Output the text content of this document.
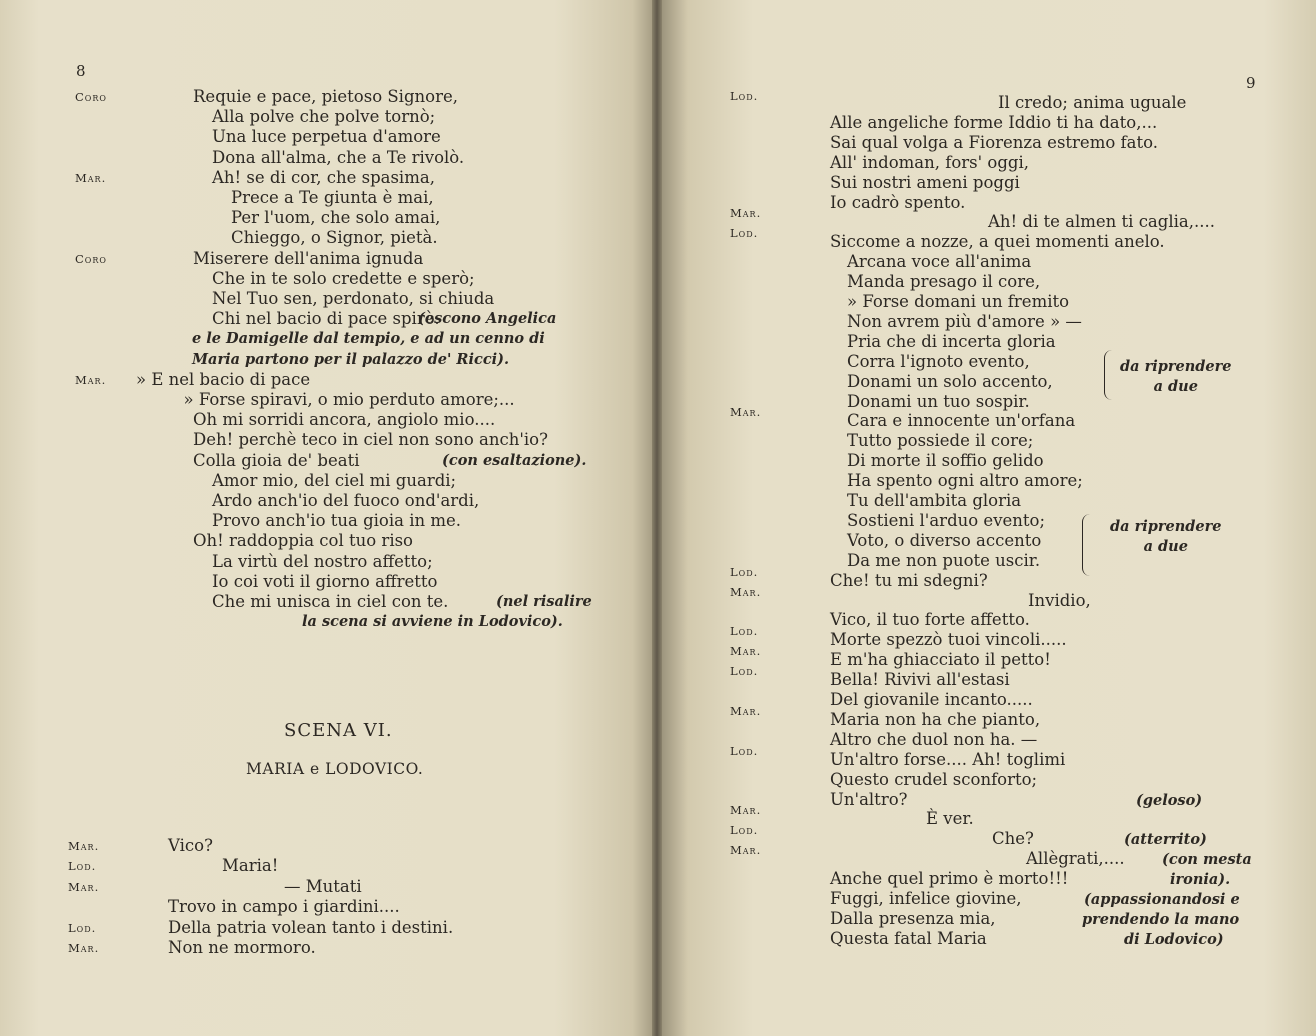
8
Coro	Requie e pace, pietoso Signore,
Alla polve che polve tornò;
Una luce perpetua d'amore
Dona all'alma, che a Te rivolò.
Mar.	Ah! se di cor, che spasima,
Prece a Te giunta è mai,
Per l'uom, che solo amai,
Chieggo, o Signor, pietà.
Coro	Miserere dell'anima ignuda
Che in te solo credette e sperò;
Nel Tuo sen, perdonato, si chiuda
Chi nel bacio di pace spirò.
(escono Angelica
e le Damigelle dal tempio, e ad un cenno di
Maria partono per il palazzo de' Ricci).
Mar. » E nel bacio di pace
» Forse spiravi, o mio perduto amore;...
Oh mi sorridi ancora, angiolo mio....
Deh! perchè teco in ciel non sono anch'io?
Colla gioia de' beati	(con esaltazione).
Amor mio, del ciel mi guardi;
Ardo anch'io del fuoco ond'ardi,
Provo anch'io tua gioia in me.
Oh! raddoppia col tuo riso
La virtù del nostro affetto;
Io coi voti il giorno affretto
Che mi unisca in ciel con te.	(nel risalire
la scena si avviene in Lodovico).
SCENA VI.
MARIA e LODOVICO.
Mar.	Vico?
Lod.	Maria!
Mar.	— Mutati
Trovo in campo i giardini....
Lod.	Della patria volean tanto i destini.
Mar.	Non ne mormoro.
9
Lod.	Il credo; anima uguale
Alle angeliche forme Iddio ti ha dato,...
Sai qual volga a Fiorenza estremo fato.
All' indoman, fors' oggi,
Sui nostri ameni poggi
Io cadrò spento.
Mar.	Ah! di te almen ti caglia,....
Lod.	Siccome a nozze, a quei momenti anelo.
Arcana voce all'anima
Manda presago il core,
» Forse domani un fremito
Non avrem più d'amore » —
Pria che di incerta gloria
Corra l'ignoto evento,
Donami un solo accento,
Donami un tuo sospir.
Mar.	Cara e innocente un'orfana
Tutto possiede il core;
Di morte il soffio gelido
Ha spento ogni altro amore;
Tu dell'ambita gloria
Sostieni l'arduo evento;
Voto, o diverso accento
Da me non puote uscir.
Lod.	Che! tu mi sdegni?
Mar.	Invidio,
Vico, il tuo forte affetto.
Lod.	Morte spezzò tuoi vincoli.....
Mar.	E m'ha ghiacciato il petto!
Lod.	Bella! Rivivi all'estasi
Del giovanile incanto.....
Mar.	Maria non ha che pianto,
Altro che duol non ha. —
Lod.	Un'altro forse.... Ah! toglimi
Questo crudel sconforto;
Un'altro?	(geloso)
Mar.	È ver.
Lod.	Che?	(atterrito)
Mar.	Allègrati,....	(con mesta
Anche quel primo è morto!!!	ironia).
Fuggi, infelice giovine,	(appassionandosi e
Dalla presenza mia,	prendendo la mano
Questa fatal Maria	di Lodovico)
da riprendere
a due
da riprendere
a due
